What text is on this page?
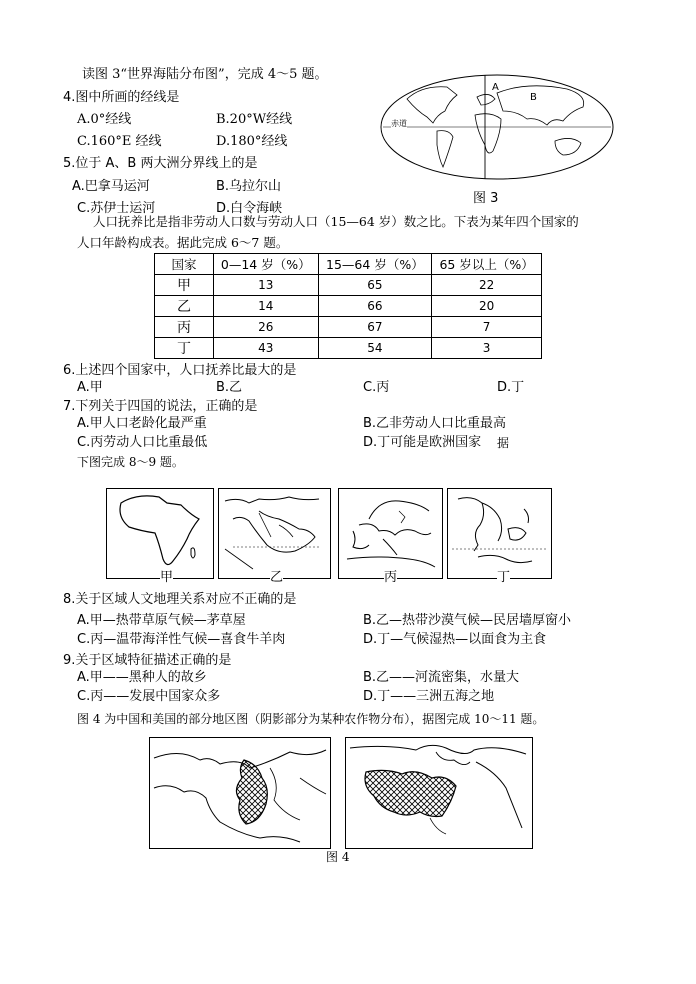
读图 3“世界海陆分布图”，完成 4～5 题。
4.图中所画的经线是
A.0°经线	B.20°W经线
C.160°E 经线	D.180°经线
5.位于 A、B 两大洲分界线上的是
A.巴拿马运河	B.乌拉尔山
C.苏伊士运河	D.白令海峡
赤道
A
B
图 3
人口抚养比是指非劳动人口数与劳动人口（15—64 岁）数之比。下表为某年四个国家的
人口年龄构成表。据此完成 6～7 题。
国家	0—14 岁（%）	15—64 岁（%）	65 岁以上（%）
甲	13	65	22
乙	14	66	20
丙	26	67	7
丁	43	54	3
6.上述四个国家中，人口抚养比最大的是
A.甲	B.乙	C.丙	D.丁
7.下列关于四国的说法，正确的是
A.甲人口老龄化最严重	B.乙非劳动人口比重最高
C.丙劳动人口比重最低	D.丁可能是欧洲国家 据
下图完成 8～9 题。
甲	乙	丙	丁
8.关于区域人文地理关系对应不正确的是
A.甲—热带草原气候—茅草屋	B.乙—热带沙漠气候—民居墙厚窗小
C.丙—温带海洋性气候—喜食牛羊肉	D.丁—气候湿热—以面食为主食
9.关于区域特征描述正确的是
A.甲——黑种人的故乡	B.乙——河流密集，水量大
C.丙——发展中国家众多	D.丁——三洲五海之地
图 4 为中国和美国的部分地区图（阴影部分为某种农作物分布），据图完成 10～11 题。
图 4
